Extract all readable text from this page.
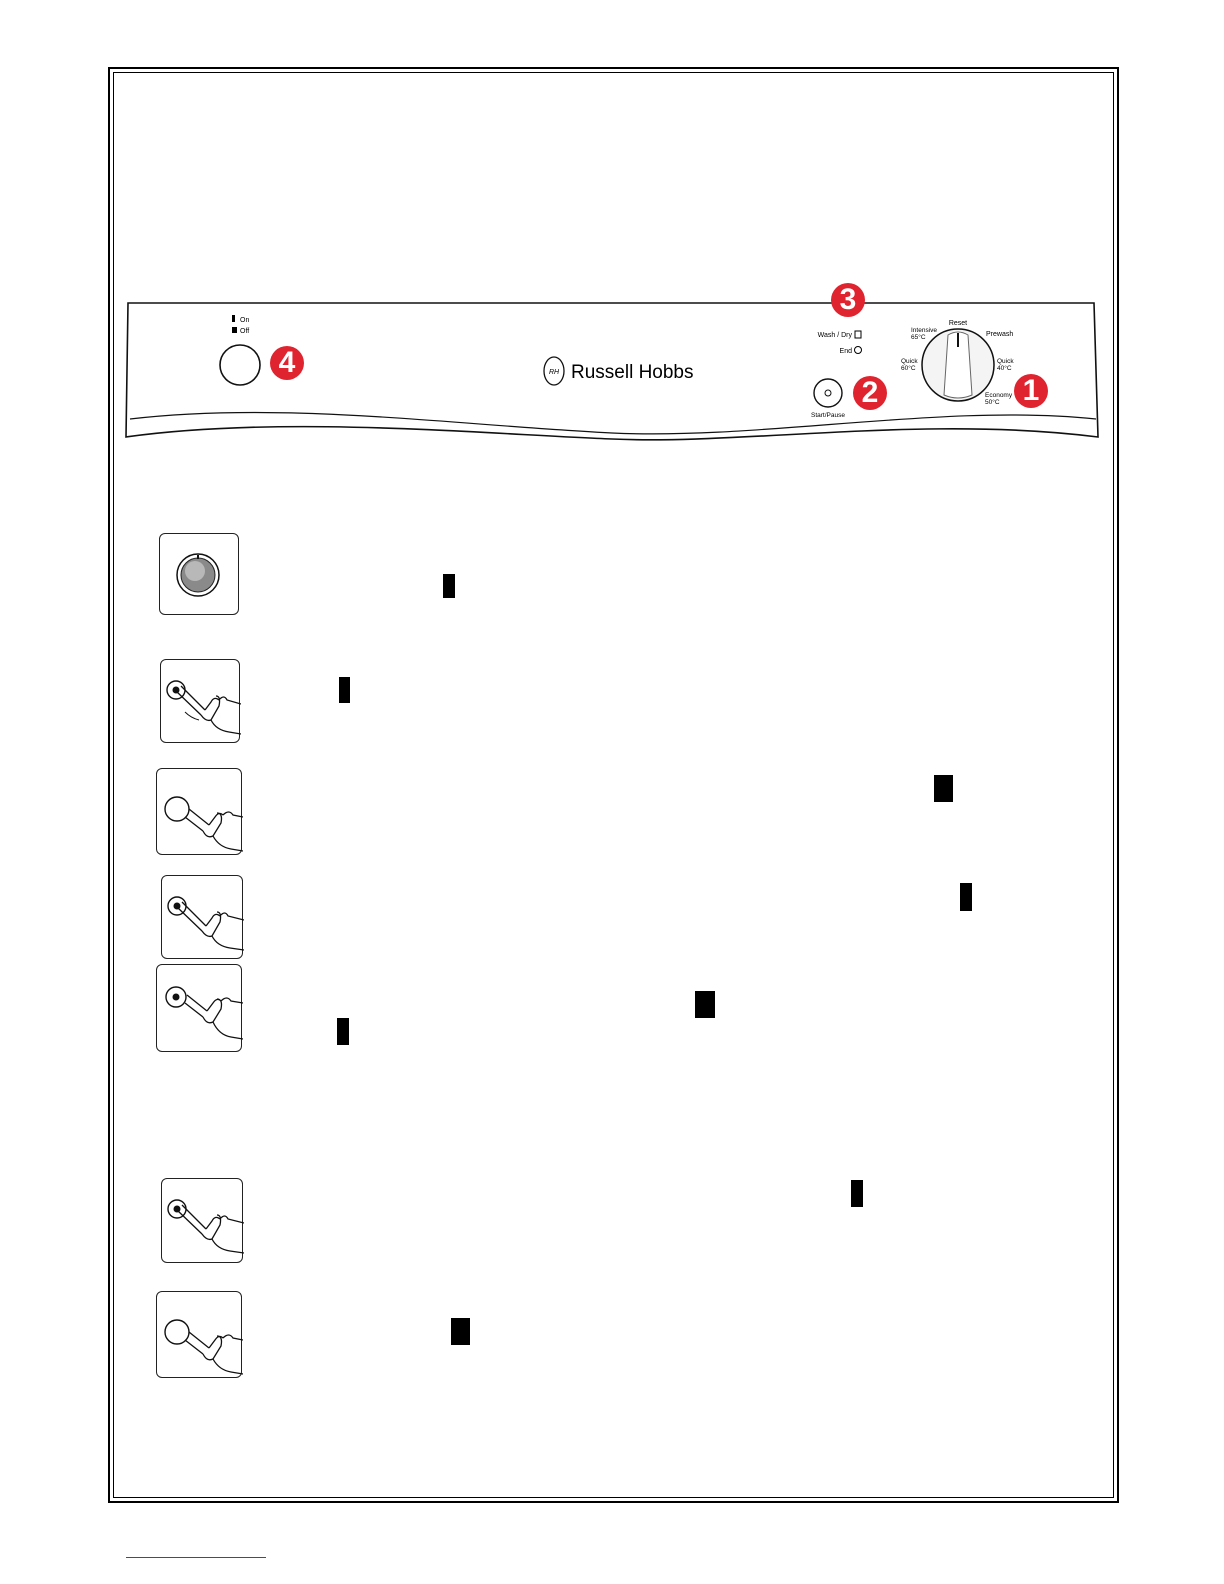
On
Off
RH Russell Hobbs
Wash / Dry
End
Start/Pause
Reset
Prewash
Intensive
65°C
Quick
60°C
Quick
40°C
Economy
50°C
3
4
2	1
